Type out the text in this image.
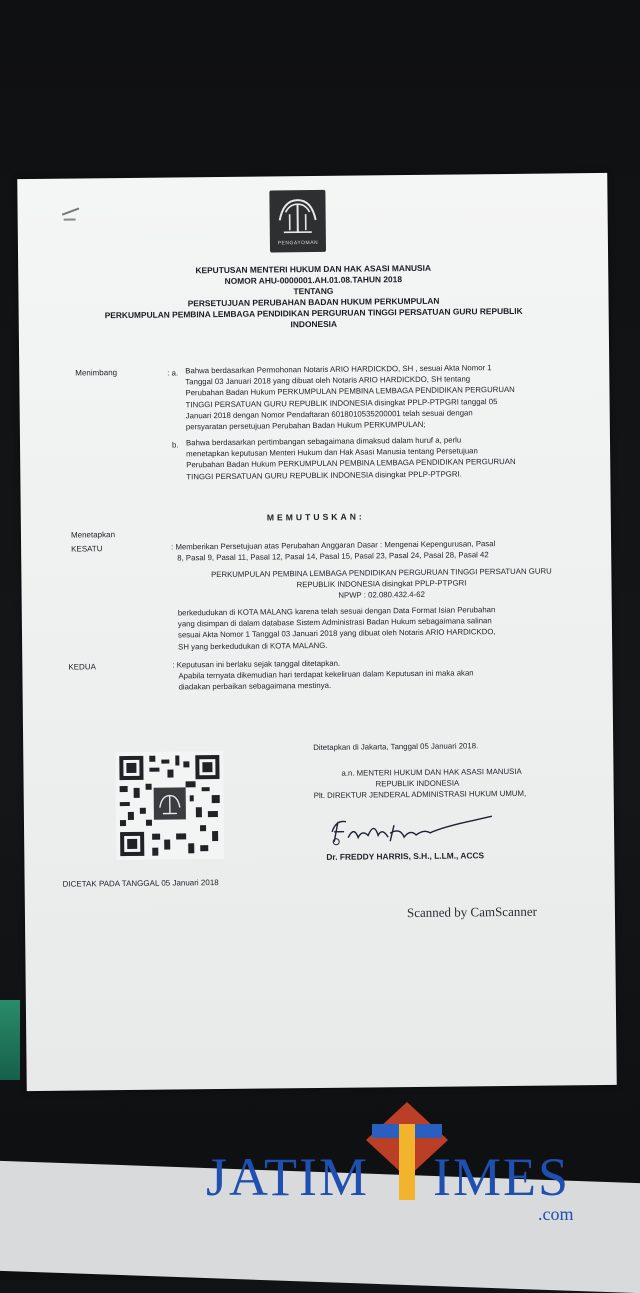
PENGAYOMAN
KEPUTUSAN MENTERI HUKUM DAN HAK ASASI MANUSIA
NOMOR AHU-0000001.AH.01.08.TAHUN 2018
TENTANG
PERSETUJUAN PERUBAHAN BADAN HUKUM PERKUMPULAN
PERKUMPULAN PEMBINA LEMBAGA PENDIDIKAN PERGURUAN TINGGI PERSATUAN GURU REPUBLIK
INDONESIA
Menimbang	: a. Bahwa berdasarkan Permohonan Notaris ARIO HARDICKDO, SH , sesuai Akta Nomor 1
Tanggal 03 Januari 2018 yang dibuat oleh Notaris ARIO HARDICKDO, SH tentang
Perubahan Badan Hukum PERKUMPULAN PEMBINA LEMBAGA PENDIDIKAN PERGURUAN
TINGGI PERSATUAN GURU REPUBLIK INDONESIA disingkat PPLP-PTPGRI tanggal 05
Januari 2018 dengan Nomor Pendaftaran 6018010535200001 telah sesuai dengan
persyaratan persetujuan Perubahan Badan Hukum PERKUMPULAN;
b. Bahwa berdasarkan pertimbangan sebagaimana dimaksud dalam huruf a, perlu
menetapkan keputusan Menteri Hukum dan Hak Asasi Manusia tentang Persetujuan
Perubahan Badan Hukum PERKUMPULAN PEMBINA LEMBAGA PENDIDIKAN PERGURUAN
TINGGI PERSATUAN GURU REPUBLIK INDONESIA disingkat PPLP-PTPGRI.
MEMUTUSKAN:
Menetapkan
KESATU	: Memberikan Persetujuan atas Perubahan Anggaran Dasar : Mengenai Kepengurusan, Pasal
8, Pasal 9, Pasal 11, Pasal 12, Pasal 14, Pasal 15, Pasal 23, Pasal 24, Pasal 28, Pasal 42
PERKUMPULAN PEMBINA LEMBAGA PENDIDIKAN PERGURUAN TINGGI PERSATUAN GURU
REPUBLIK INDONESIA disingkat PPLP-PTPGRI
NPWP : 02.080.432.4-62
berkedudukan di KOTA MALANG karena telah sesuai dengan Data Format Isian Perubahan
yang disimpan di dalam database Sistem Administrasi Badan Hukum sebagaimana salinan
sesuai Akta Nomor 1 Tanggal 03 Januari 2018 yang dibuat oleh Notaris ARIO HARDICKDO,
SH yang berkedudukan di KOTA MALANG.
KEDUA	: Keputusan ini berlaku sejak tanggal ditetapkan.
Apabila ternyata dikemudian hari terdapat kekeliruan dalam Keputusan ini maka akan
diadakan perbaikan sebagaimana mestinya.
Ditetapkan di Jakarta, Tanggal 05 Januari 2018.
a.n. MENTERI HUKUM DAN HAK ASASI MANUSIA
REPUBLIK INDONESIA
Plt. DIREKTUR JENDERAL ADMINISTRASI HUKUM UMUM,
Dr. FREDDY HARRIS, S.H., L.LM., ACCS
DICETAK PADA TANGGAL 05 Januari 2018
Scanned by CamScanner
JATIM IMES
.com
